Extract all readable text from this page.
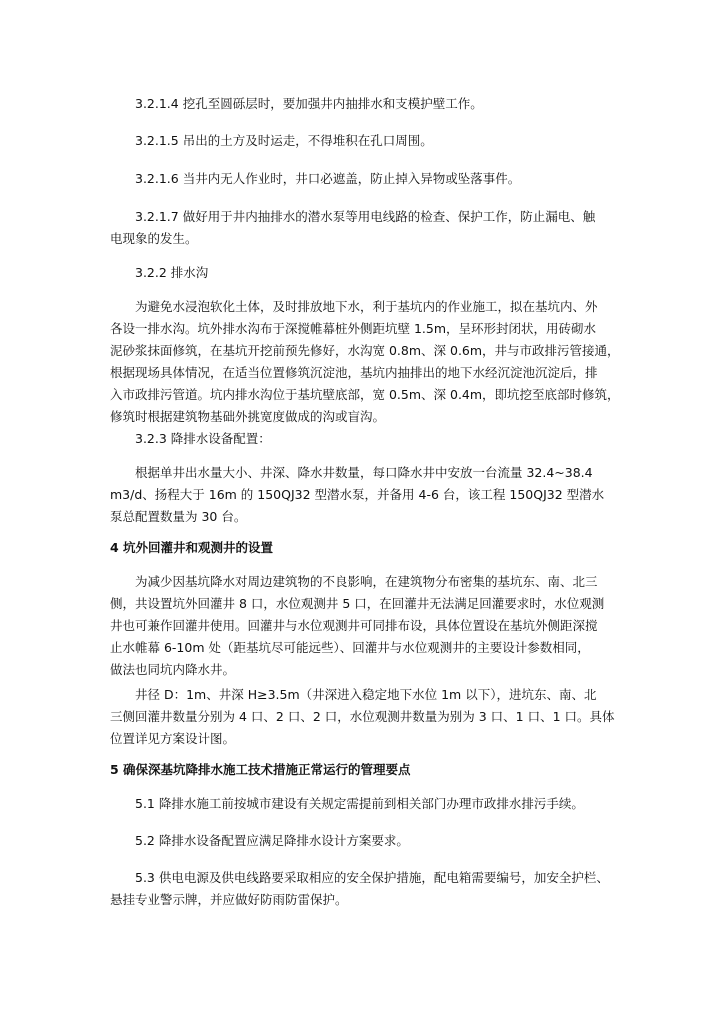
　　3.2.1.4 挖孔至圆砾层时，要加强井内抽排水和支模护壁工作。

　　3.2.1.5 吊出的土方及时运走，不得堆积在孔口周围。

　　3.2.1.6 当井内无人作业时，井口必遮盖，防止掉入异物或坠落事件。

　　3.2.1.7 做好用于井内抽排水的潜水泵等用电线路的检查、保护工作，防止漏电、触
电现象的发生。

　　3.2.2 排水沟

　　为避免水浸泡软化土体，及时排放地下水，利于基坑内的作业施工，拟在基坑内、外
各设一排水沟。坑外排水沟布于深搅帷幕桩外侧距坑壁 1.5m，呈环形封闭状，用砖砌水
泥砂浆抹面修筑，在基坑开挖前预先修好，水沟宽 0.8m、深 0.6m，井与市政排污管接通，
根据现场具体情况，在适当位置修筑沉淀池，基坑内抽排出的地下水经沉淀池沉淀后，排
入市政排污管道。坑内排水沟位于基坑壁底部，宽 0.5m、深 0.4m，即坑挖至底部时修筑，
修筑时根据建筑物基础外挑宽度做成的沟或盲沟。

　　3.2.3 降排水设备配置：

　　根据单井出水量大小、井深、降水井数量，每口降水井中安放一台流量 32.4~38.4
m3/d、扬程大于 16m 的 150QJ32 型潜水泵，并备用 4-6 台，该工程 150QJ32 型潜水
泵总配置数量为 30 台。

4 坑外回灌井和观测井的设置

　　为减少因基坑降水对周边建筑物的不良影响，在建筑物分布密集的基坑东、南、北三
侧，共设置坑外回灌井 8 口，水位观测井 5 口，在回灌井无法满足回灌要求时，水位观测
井也可兼作回灌井使用。回灌井与水位观测井可同排布设，具体位置设在基坑外侧距深搅
止水帷幕 6-10m 处（距基坑尽可能远些）、回灌井与水位观测井的主要设计参数相同，
做法也同坑内降水井。

　　井径 D：1m、井深 H≥3.5m（井深进入稳定地下水位 1m 以下），进坑东、南、北
三侧回灌井数量分别为 4 口、2 口、2 口，水位观测井数量为别为 3 口、1 口、1 口。具体
位置详见方案设计图。

5 确保深基坑降排水施工技术措施正常运行的管理要点

　　5.1 降排水施工前按城市建设有关规定需提前到相关部门办理市政排水排污手续。

　　5.2 降排水设备配置应满足降排水设计方案要求。

　　5.3 供电电源及供电线路要采取相应的安全保护措施，配电箱需要编号，加安全护栏、
悬挂专业警示牌，并应做好防雨防雷保护。
